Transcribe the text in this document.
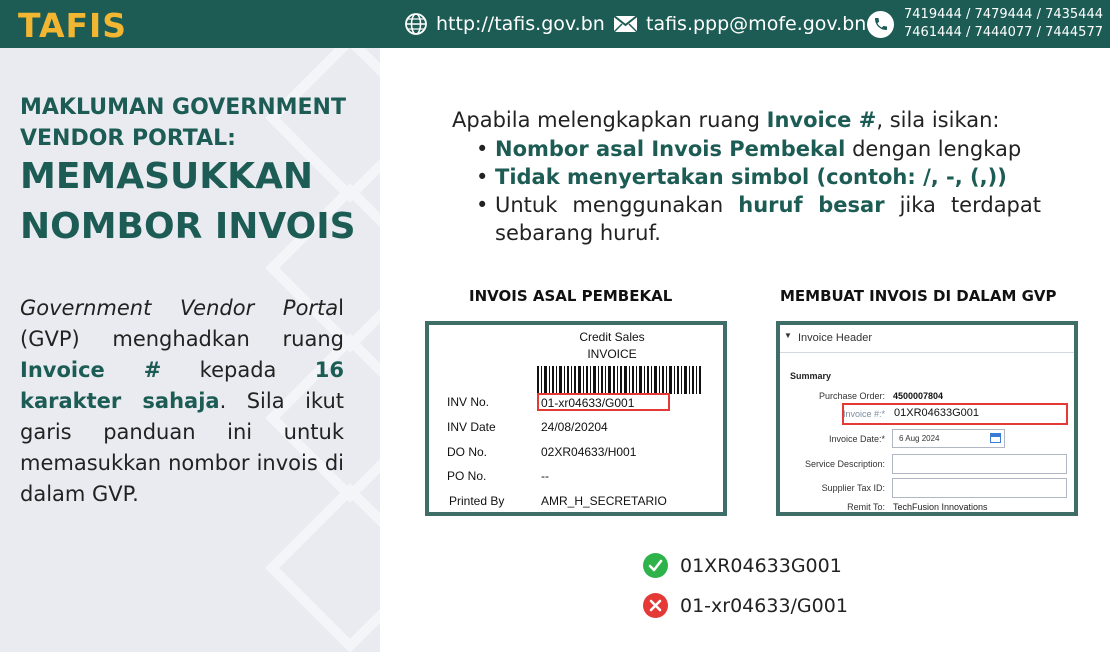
TAFIS	http://tafis.gov.bn tafis.ppp@mofe.gov.bn	7419444 / 7479444 / 7435444
7461444 / 7444077 / 7444577
MAKLUMAN GOVERNMENT VENDOR PORTAL:
MEMASUKKAN NOMBOR INVOIS
Government Vendor Portal (GVP) menghadkan ruang Invoice # kepada 16 karakter sahaja. Sila ikut garis panduan ini untuk memasukkan nombor invois di dalam GVP.
Apabila melengkapkan ruang Invoice #, sila isikan:
• Nombor asal Invois Pembekal dengan lengkap
• Tidak menyertakan simbol (contoh: /, -, (,))
• Untuk menggunakan huruf besar jika terdapat sebarang huruf.
INVOIS ASAL PEMBEKAL	MEMBUAT INVOIS DI DALAM GVP
Credit Sales
INVOICE
INV No.	01-xr04633/G001
INV Date	24/08/20204
DO No.	02XR04633/H001
PO No.	--
Printed By	AMR_H_SECRETARIO
▼ Invoice Header
Summary
Purchase Order: 4500007804
Invoice #:* 01XR04633G001
Invoice Date:* 6 Aug 2024
Service Description:
Supplier Tax ID:
Remit To: TechFusion Innovations
01XR04633G001
01-xr04633/G001
